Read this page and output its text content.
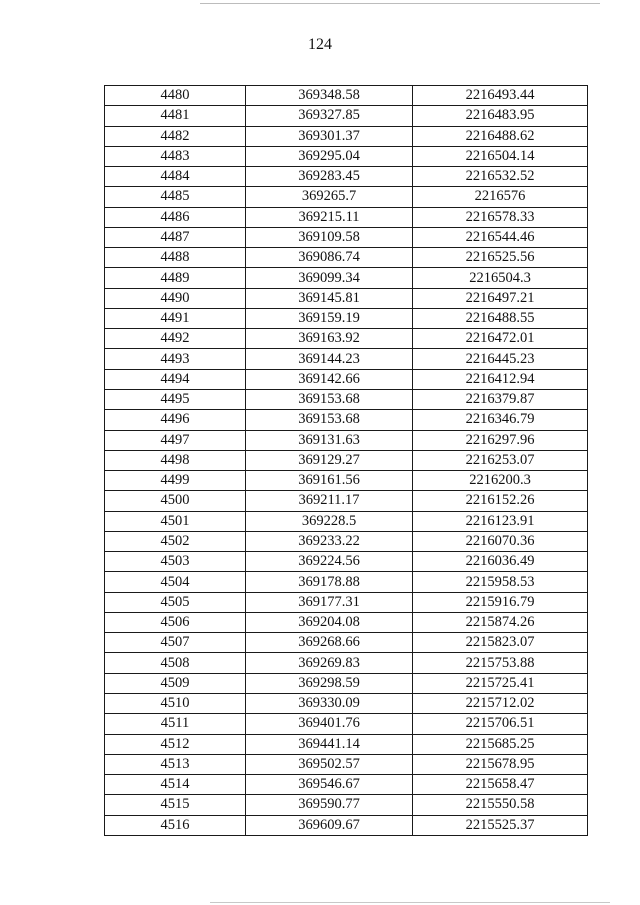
124
4480	369348.58	2216493.44
4481	369327.85	2216483.95
4482	369301.37	2216488.62
4483	369295.04	2216504.14
4484	369283.45	2216532.52
4485	369265.7	2216576
4486	369215.11	2216578.33
4487	369109.58	2216544.46
4488	369086.74	2216525.56
4489	369099.34	2216504.3
4490	369145.81	2216497.21
4491	369159.19	2216488.55
4492	369163.92	2216472.01
4493	369144.23	2216445.23
4494	369142.66	2216412.94
4495	369153.68	2216379.87
4496	369153.68	2216346.79
4497	369131.63	2216297.96
4498	369129.27	2216253.07
4499	369161.56	2216200.3
4500	369211.17	2216152.26
4501	369228.5	2216123.91
4502	369233.22	2216070.36
4503	369224.56	2216036.49
4504	369178.88	2215958.53
4505	369177.31	2215916.79
4506	369204.08	2215874.26
4507	369268.66	2215823.07
4508	369269.83	2215753.88
4509	369298.59	2215725.41
4510	369330.09	2215712.02
4511	369401.76	2215706.51
4512	369441.14	2215685.25
4513	369502.57	2215678.95
4514	369546.67	2215658.47
4515	369590.77	2215550.58
4516	369609.67	2215525.37
